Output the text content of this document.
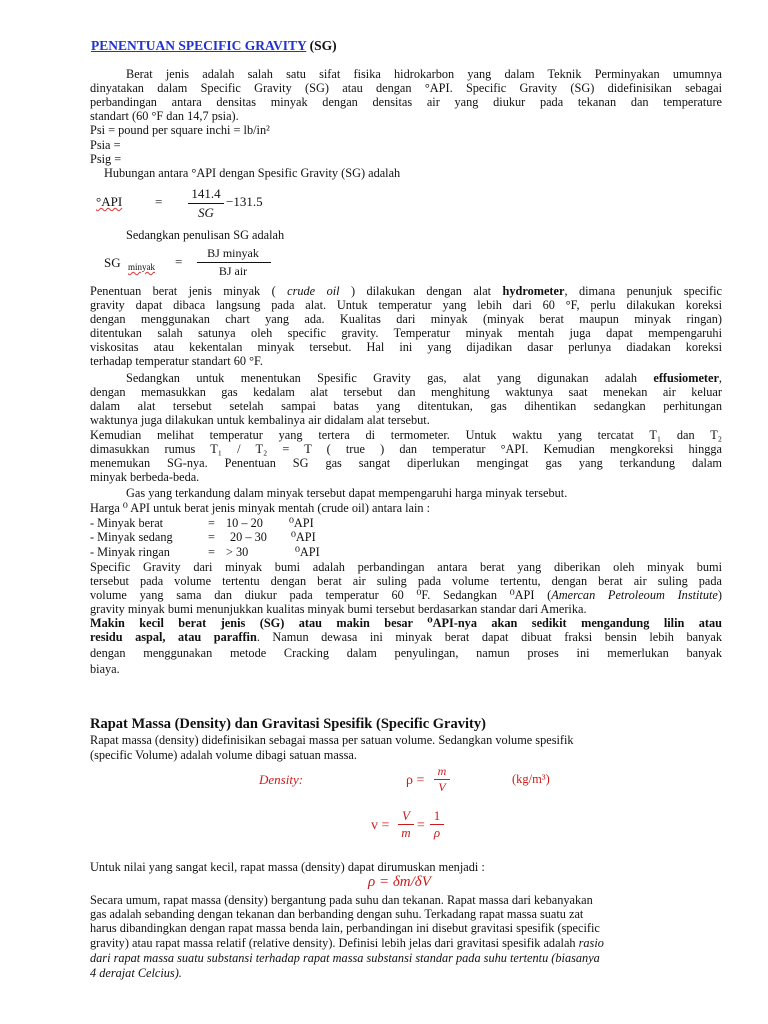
PENENTUAN SPECIFIC GRAVITY (SG)
Berat jenis adalah salah satu sifat fisika hidrokarbon yang dalam Teknik Perminyakan umumnya
dinyatakan dalam Specific Gravity (SG) atau dengan °API. Specific Gravity (SG) didefinisikan sebagai
perbandingan antara densitas minyak dengan densitas air yang diukur pada tekanan dan temperature
standart (60 °F dan 14,7 psia).
Psi = pound per square inchi = lb/in²
Psia =
Psig =
Hubungan antara °API dengan Spesific Gravity (SG) adalah
°API	=
141.4
SG
−131.5
Sedangkan penulisan SG adalah
SG minyak =
BJ minyak
BJ air
Penentuan berat jenis minyak ( crude oil ) dilakukan dengan alat hydrometer, dimana penunjuk specific
gravity dapat dibaca langsung pada alat. Untuk temperatur yang lebih dari 60 °F, perlu dilakukan koreksi
dengan menggunakan chart yang ada. Kualitas dari minyak (minyak berat maupun minyak ringan)
ditentukan salah satunya oleh specific gravity. Temperatur minyak mentah juga dapat mempengaruhi
viskositas atau kekentalan minyak tersebut. Hal ini yang dijadikan dasar perlunya diadakan koreksi
terhadap temperatur standart 60 °F.
Sedangkan untuk menentukan Spesific Gravity gas, alat yang digunakan adalah effusiometer,
dengan memasukkan gas kedalam alat tersebut dan menghitung waktunya saat menekan air keluar
dalam alat tersebut setelah sampai batas yang ditentukan, gas dihentikan sedangkan perhitungan
waktunya juga dilakukan untuk kembalinya air didalam alat tersebut.
Kemudian melihat temperatur yang tertera di termometer. Untuk waktu yang tercatat T₁ dan T₂
dimasukkan rumus T₁ / T₂ = T ( true ) dan temperatur °API. Kemudian mengkoreksi hingga
menemukan SG-nya. Penentuan SG gas sangat diperlukan mengingat gas yang terkandung dalam
minyak berbeda-beda.
Gas yang terkandung dalam minyak tersebut dapat mempengaruhi harga minyak tersebut.
Harga ⁰ API untuk berat jenis minyak mentah (crude oil) antara lain :
- Minyak berat	= 10 – 20 ⁰API
- Minyak sedang	= 20 – 30 ⁰API
- Minyak ringan	= > 30	⁰API
Specific Gravity dari minyak bumi adalah perbandingan antara berat yang diberikan oleh minyak bumi
tersebut pada volume tertentu dengan berat air suling pada volume tertentu, dengan berat air suling pada
volume yang sama dan diukur pada temperatur 60 ⁰F. Sedangkan ⁰API (Amercan Petroleoum Institute)
gravity minyak bumi menunjukkan kualitas minyak bumi tersebut berdasarkan standar dari Amerika.
Makin kecil berat jenis (SG) atau makin besar ⁰API-nya akan sedikit mengandung lilin atau
residu aspal, atau paraffin. Namun dewasa ini minyak berat dapat dibuat fraksi bensin lebih banyak
dengan menggunakan metode Cracking dalam penyulingan, namun proses ini memerlukan banyak
biaya.
Rapat Massa (Density) dan Gravitasi Spesifik (Specific Gravity)
Rapat massa (density) didefinisikan sebagai massa per satuan volume. Sedangkan volume spesifik
(specific Volume) adalah volume dibagi satuan massa.
Density:	ρ =
m
V
(kg/m³)
v =
V
m =
1
ρ
Untuk nilai yang sangat kecil, rapat massa (density) dapat dirumuskan menjadi :
ρ = δm/δV
Secara umum, rapat massa (density) bergantung pada suhu dan tekanan. Rapat massa dari kebanyakan
gas adalah sebanding dengan tekanan dan berbanding dengan suhu. Terkadang rapat massa suatu zat
harus dibandingkan dengan rapat massa benda lain, perbandingan ini disebut gravitasi spesifik (specific
gravity) atau rapat massa relatif (relative density). Definisi lebih jelas dari gravitasi spesifik adalah rasio
dari rapat massa suatu substansi terhadap rapat massa substansi standar pada suhu tertentu (biasanya
4 derajat Celcius).
